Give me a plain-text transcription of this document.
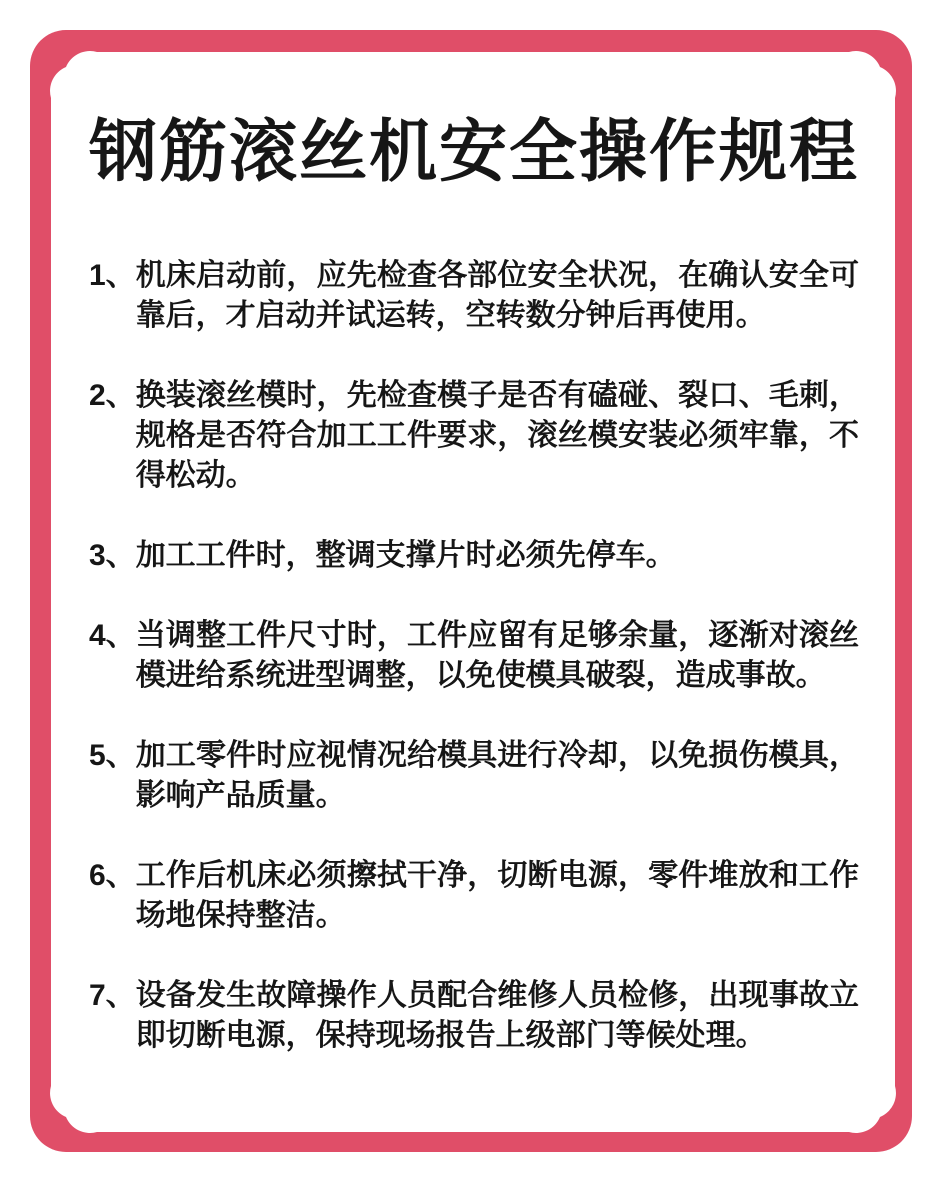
钢筋滚丝机安全操作规程
1、 机床启动前，应先检查各部位安全状况，在确认安全可靠后，才启动并试运转，空转数分钟后再使用。
2、 换装滚丝模时，先检查模子是否有磕碰、裂口、毛刺，规格是否符合加工工件要求，滚丝模安装必须牢靠，不得松动。
3、 加工工件时，整调支撑片时必须先停车。
4、 当调整工件尺寸时，工件应留有足够余量，逐渐对滚丝模进给系统进型调整，以免使模具破裂，造成事故。
5、 加工零件时应视情况给模具进行冷却，以免损伤模具，影响产品质量。
6、 工作后机床必须擦拭干净，切断电源，零件堆放和工作场地保持整洁。
7、 设备发生故障操作人员配合维修人员检修，出现事故立即切断电源，保持现场报告上级部门等候处理。
